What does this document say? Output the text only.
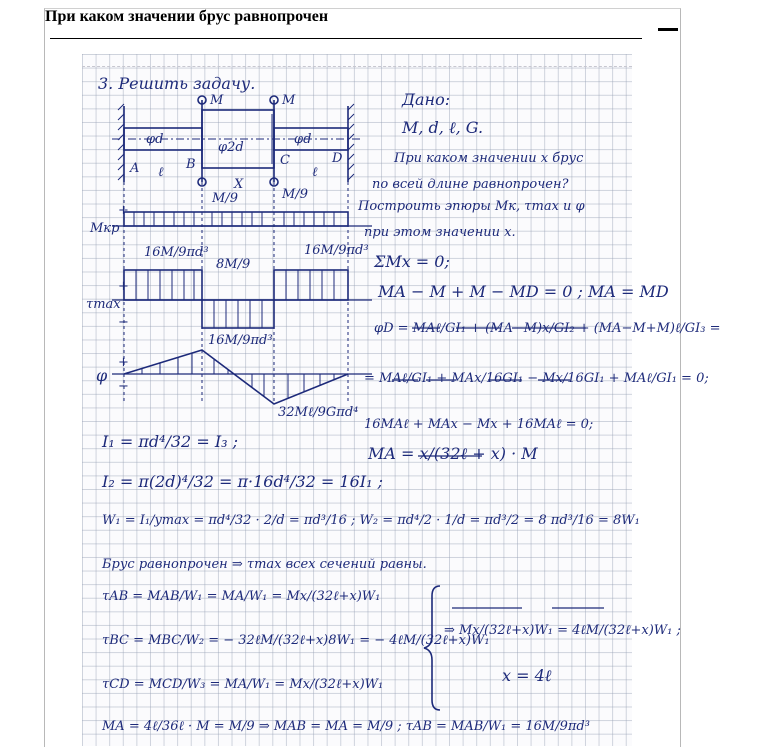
При каком значении брус равнопрочен
M	M
φd
φ2d
φd
A	B	C	D
ℓ
X
ℓ
Mкр
M/9	M/9
+
τmax
16M/9πd³
8M/9
16M/9πd³
16M/9πd³
+
−
φ
32Mℓ/9Gπd⁴
+
−
3. Решить задачу.
Дано:
M, d, ℓ, G.
При каком значении x брус
по всей длине равнопрочен?
Построить эпюры Mк, τmax и φ
при этом значении x.
ΣMx = 0;
MA − M + M − MD = 0 ; MA = MD
φD = MAℓ/GI₁ + (MA−M)x/GI₂ + (MA−M+M)ℓ/GI₃ =
= MAℓ/GI₁ + MAx/16GI₁ − Mx/16GI₁ + MAℓ/GI₁ = 0;
16MAℓ + MAx − Mx + 16MAℓ = 0;
MA = x/(32ℓ + x) · M
I₁ = πd⁴/32 = I₃ ;
I₂ = π(2d)⁴/32 = π·16d⁴/32 = 16I₁ ;
W₁ = I₁/ymax = πd⁴/32 · 2/d = πd³/16 ; W₂ = πd⁴/2 · 1/d = πd³/2 = 8 πd³/16 = 8W₁
Брус равнопрочен ⇒ τmax всех сечений равны.
τAB = MAB/W₁ = MA/W₁ = Mx/(32ℓ+x)W₁
τBC = MBC/W₂ = − 32ℓM/(32ℓ+x)8W₁ = − 4ℓM/(32ℓ+x)W₁
τCD = MCD/W₃ = MA/W₁ = Mx/(32ℓ+x)W₁
⇒ Mx/(32ℓ+x)W₁ = 4ℓM/(32ℓ+x)W₁ ;
x = 4ℓ
MA = 4ℓ/36ℓ · M = M/9 ⇒ MAB = MA = M/9 ; τAB = MAB/W₁ = 16M/9πd³
